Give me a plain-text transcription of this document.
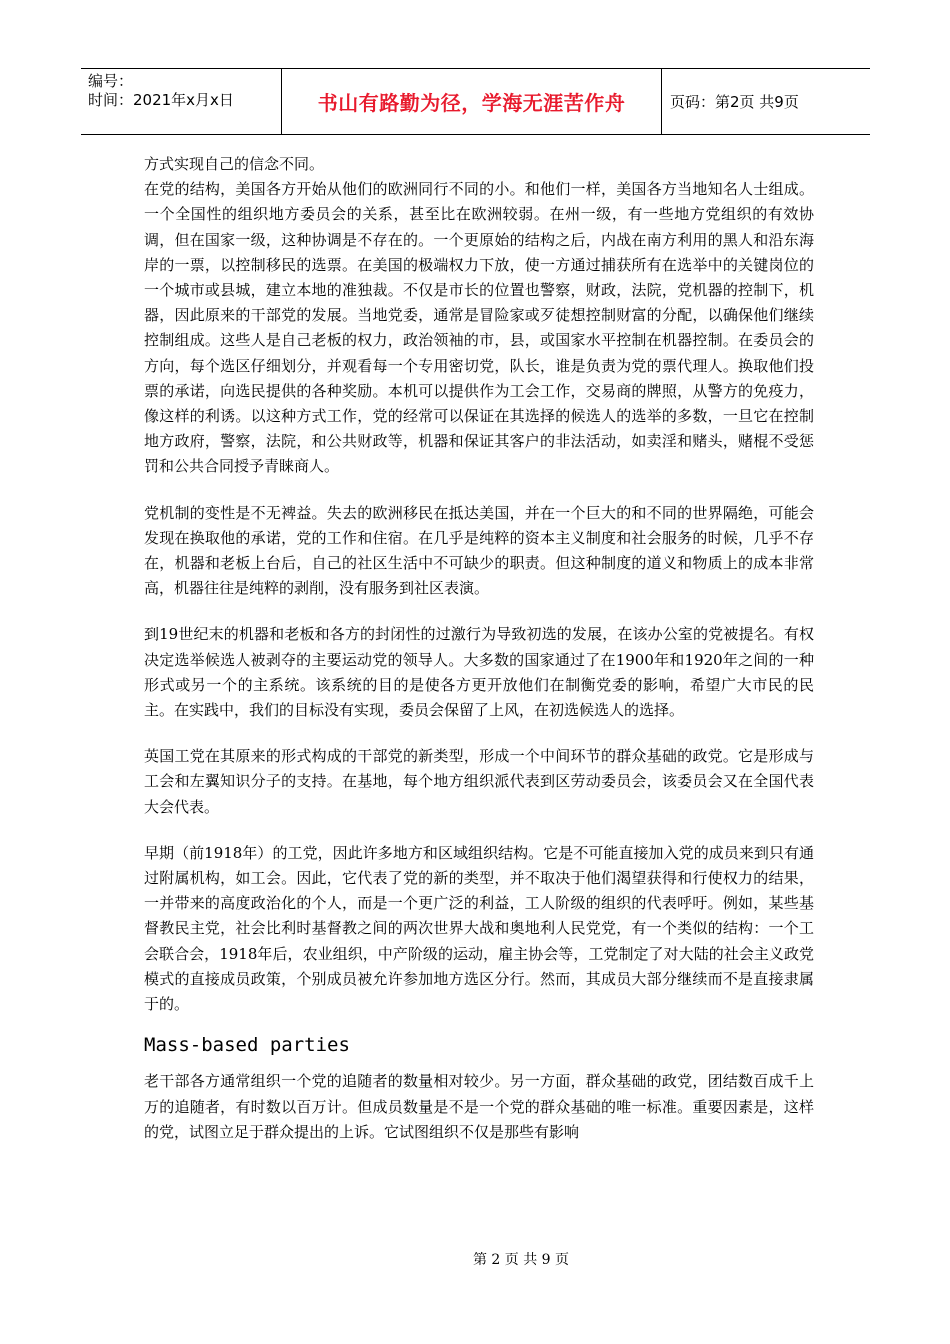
编号：
时间：2021年x月x日	书山有路勤为径，学海无涯苦作舟	页码：第2页 共9页

方式实现自己的信念不同。

在党的结构，美国各方开始从他们的欧洲同行不同的小。和他们一样，美国各方当地知名人士组成。一个全国性的组织地方委员会的关系，甚至比在欧洲较弱。在州一级，有一些地方党组织的有效协调，但在国家一级，这种协调是不存在的。一个更原始的结构之后，内战在南方利用的黑人和沿东海岸的一票，以控制移民的选票。在美国的极端权力下放，使一方通过捕获所有在选举中的关键岗位的一个城市或县城，建立本地的准独裁。不仅是市长的位置也警察，财政，法院，党机器的控制下，机器，因此原来的干部党的发展。当地党委，通常是冒险家或歹徒想控制财富的分配，以确保他们继续控制组成。这些人是自己老板的权力，政治领袖的市，县，或国家水平控制在机器控制。在委员会的方向，每个选区仔细划分，并观看每一个专用密切党，队长，谁是负责为党的票代理人。换取他们投票的承诺，向选民提供的各种奖励。本机可以提供作为工会工作，交易商的牌照，从警方的免疫力，像这样的利诱。以这种方式工作，党的经常可以保证在其选择的候选人的选举的多数，一旦它在控制地方政府，警察，法院，和公共财政等，机器和保证其客户的非法活动，如卖淫和赌头，赌棍不受惩罚和公共合同授予青睐商人。

党机制的变性是不无裨益。失去的欧洲移民在抵达美国，并在一个巨大的和不同的世界隔绝，可能会发现在换取他的承诺，党的工作和住宿。在几乎是纯粹的资本主义制度和社会服务的时候，几乎不存在，机器和老板上台后，自己的社区生活中不可缺少的职责。但这种制度的道义和物质上的成本非常高，机器往往是纯粹的剥削，没有服务到社区表演。

到19世纪末的机器和老板和各方的封闭性的过激行为导致初选的发展，在该办公室的党被提名。有权决定选举候选人被剥夺的主要运动党的领导人。大多数的国家通过了在1900年和1920年之间的一种形式或另一个的主系统。该系统的目的是使各方更开放他们在制衡党委的影响，希望广大市民的民主。在实践中，我们的目标没有实现，委员会保留了上风，在初选候选人的选择。

英国工党在其原来的形式构成的干部党的新类型，形成一个中间环节的群众基础的政党。它是形成与工会和左翼知识分子的支持。在基地，每个地方组织派代表到区劳动委员会，该委员会又在全国代表大会代表。

早期（前1918年）的工党，因此许多地方和区域组织结构。它是不可能直接加入党的成员来到只有通过附属机构，如工会。因此，它代表了党的新的类型，并不取决于他们渴望获得和行使权力的结果，一并带来的高度政治化的个人，而是一个更广泛的利益，工人阶级的组织的代表呼吁。例如，某些基督教民主党，社会比利时基督教之间的两次世界大战和奥地利人民党党，有一个类似的结构：一个工会联合会，1918年后，农业组织，中产阶级的运动，雇主协会等，工党制定了对大陆的社会主义政党模式的直接成员政策，个别成员被允许参加地方选区分行。然而，其成员大部分继续而不是直接隶属于的。

Mass-based parties

老干部各方通常组织一个党的追随者的数量相对较少。另一方面，群众基础的政党，团结数百成千上万的追随者，有时数以百万计。但成员数量是不是一个党的群众基础的唯一标准。重要因素是，这样的党，试图立足于群众提出的上诉。它试图组织不仅是那些有影响

第 2 页 共 9 页
